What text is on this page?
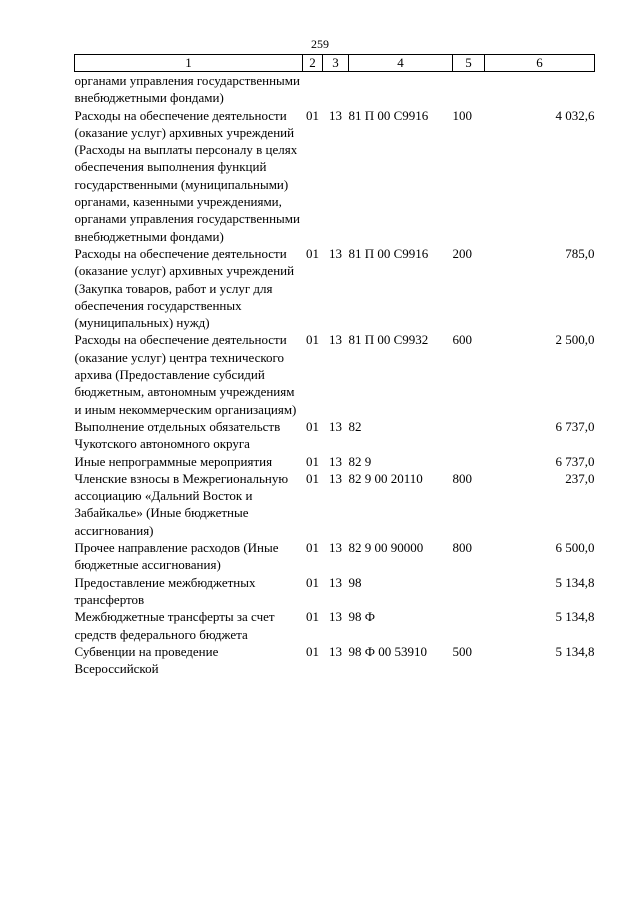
259
1	2	3	4	5	6
органами управления государственными внебюджетными фондами)					
Расходы на обеспечение деятельности (оказание услуг) архивных учреждений (Расходы на выплаты персоналу в целях обеспечения выполнения функций государственными (муниципальными) органами, казенными учреждениями, органами управления государственными внебюджетными фондами)	01	13	81 П 00 С9916	100	4 032,6
Расходы на обеспечение деятельности (оказание услуг) архивных учреждений (Закупка товаров, работ и услуг для обеспечения государственных (муниципальных) нужд)	01	13	81 П 00 С9916	200	785,0
Расходы на обеспечение деятельности (оказание услуг) центра технического архива (Предоставление субсидий бюджетным, автономным учреждениям и иным некоммерческим организациям)	01	13	81 П 00 С9932	600	2 500,0
Выполнение отдельных обязательств Чукотского автономного округа	01	13	82		6 737,0
Иные непрограммные мероприятия	01	13	82 9		6 737,0
Членские взносы в Межрегиональную ассоциацию «Дальний Восток и Забайкалье» (Иные бюджетные ассигнования)	01	13	82 9 00 20110	800	237,0
Прочее направление расходов (Иные бюджетные ассигнования)	01	13	82 9 00 90000	800	6 500,0
Предоставление межбюджетных трансфертов	01	13	98		5 134,8
Межбюджетные трансферты за счет средств федерального бюджета	01	13	98 Ф		5 134,8
Субвенции на проведение Всероссийской	01	13	98 Ф 00 53910	500	5 134,8
